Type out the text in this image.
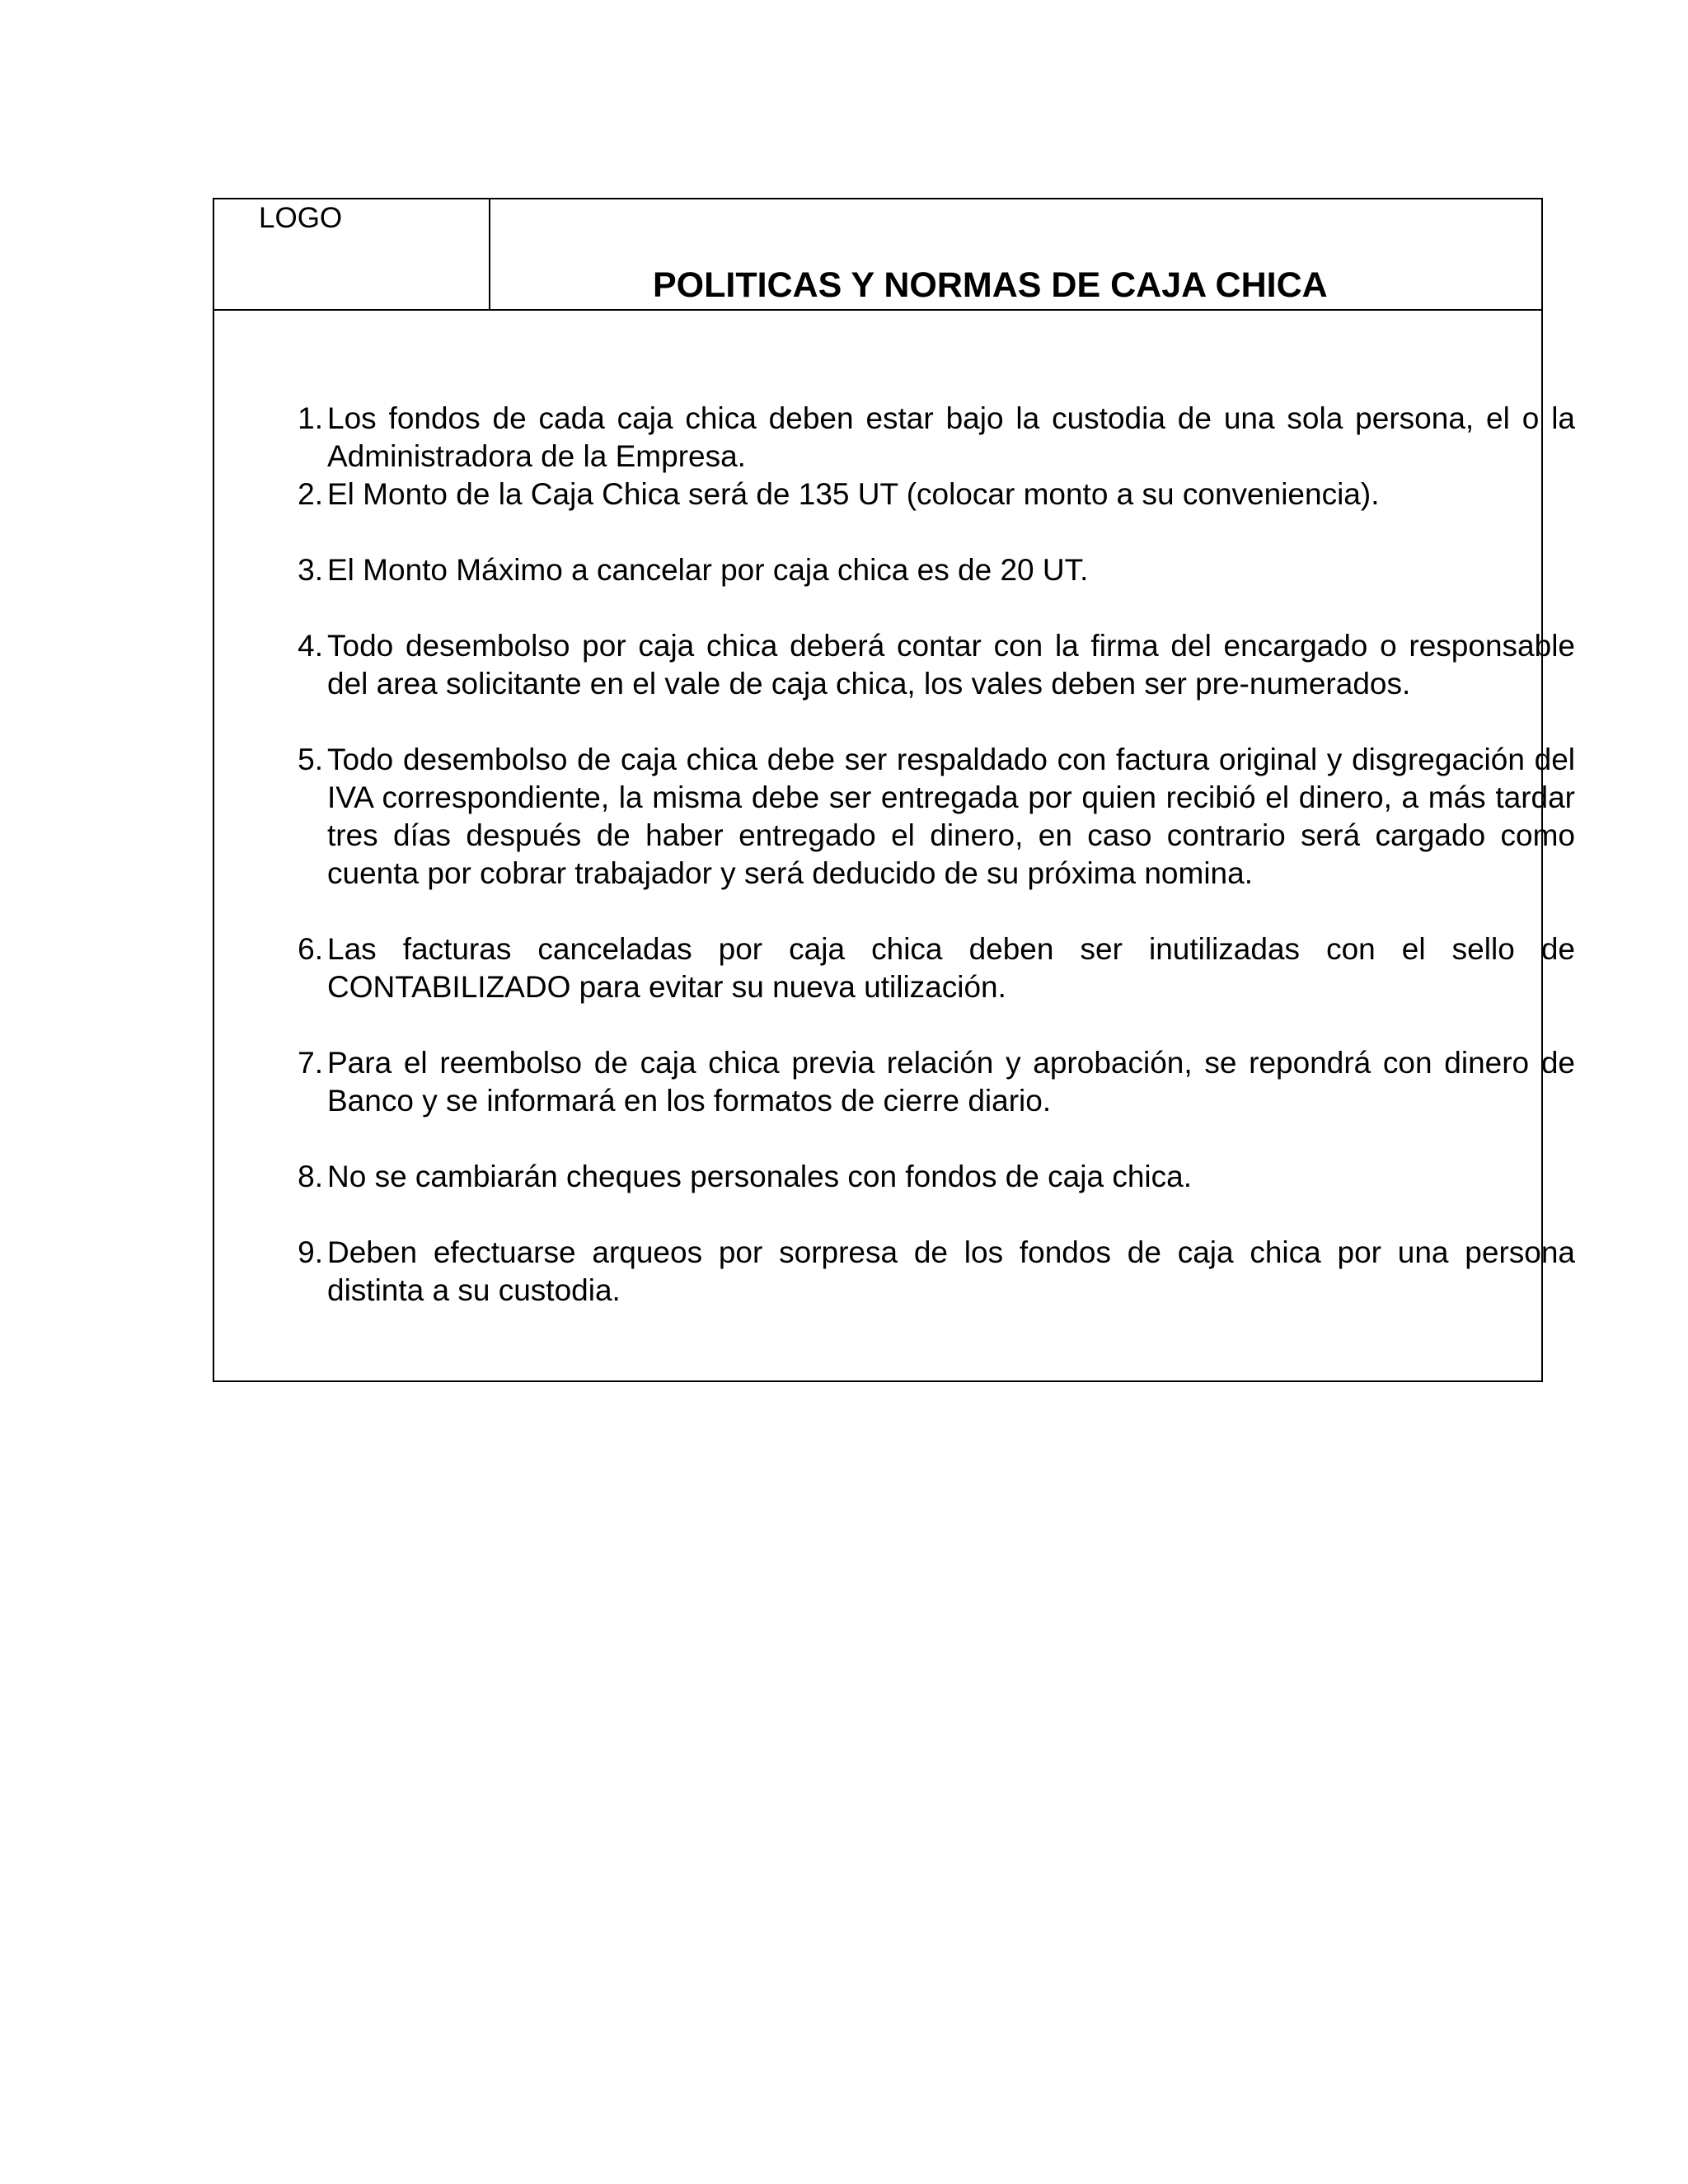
LOGO
POLITICAS Y NORMAS DE CAJA CHICA
1. Los fondos de cada caja chica deben estar bajo la custodia de una sola persona, el o la Administradora de la Empresa.
2. El Monto de la Caja Chica será de 135 UT (colocar monto a su conveniencia).
3. El Monto Máximo a cancelar por caja chica es de 20 UT.
4. Todo desembolso por caja chica deberá contar con la firma del encargado o responsable del area solicitante en el vale de caja chica, los vales deben ser pre-numerados.
5. Todo desembolso de caja chica debe ser respaldado con factura original y disgregación del IVA correspondiente, la misma debe ser entregada por quien recibió el dinero, a más tardar tres días después de haber entregado el dinero, en caso contrario será cargado como cuenta por cobrar trabajador y será deducido de su próxima nomina.
6. Las facturas canceladas por caja chica deben ser inutilizadas con el sello de CONTABILIZADO para evitar su nueva utilización.
7. Para el reembolso de caja chica previa relación y aprobación, se repondrá con dinero de Banco y se informará en los formatos de cierre diario.
8. No se cambiarán cheques personales con fondos de caja chica.
9. Deben efectuarse arqueos por sorpresa de los fondos de caja chica por una persona distinta a su custodia.
